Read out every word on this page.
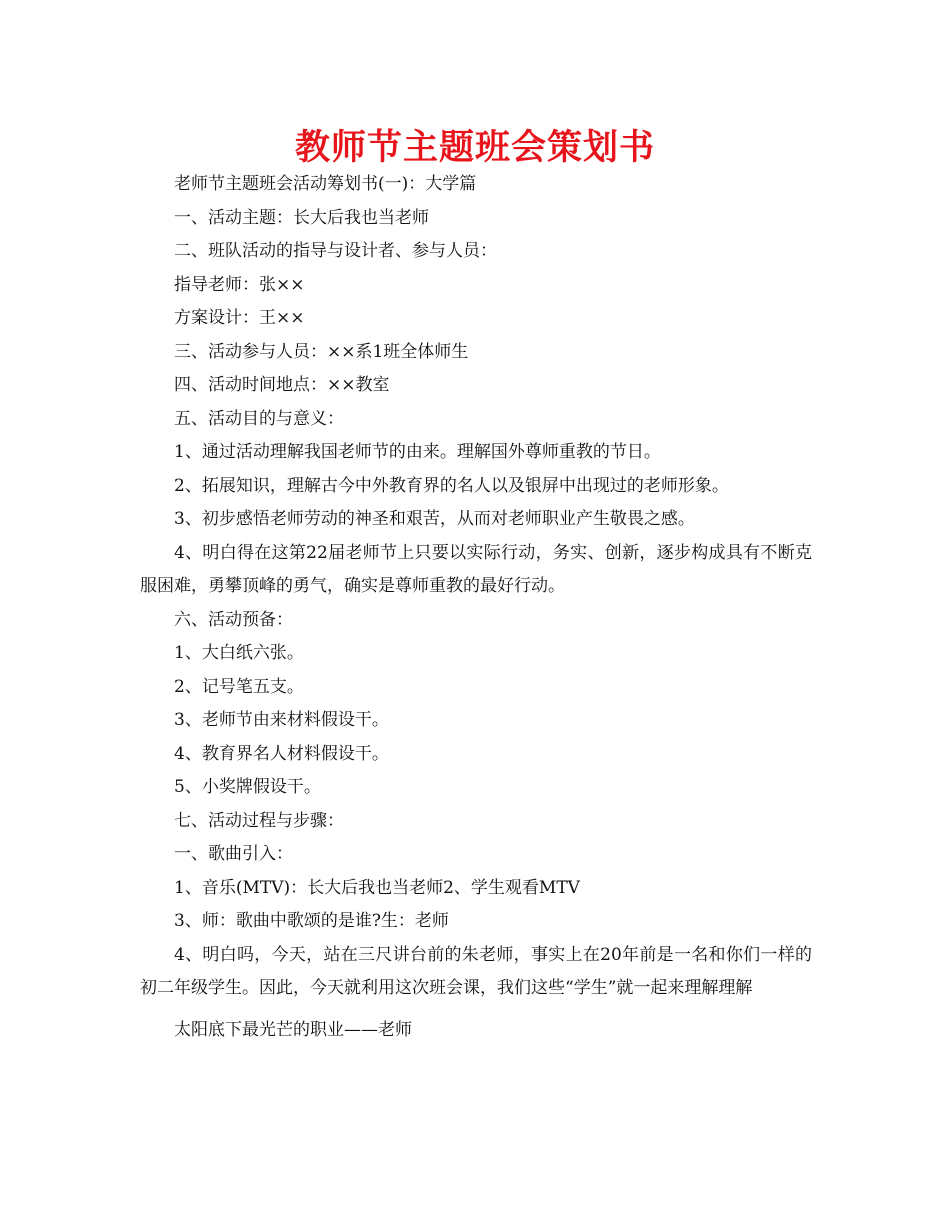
教师节主题班会策划书

老师节主题班会活动筹划书(一)：大学篇

一、活动主题：长大后我也当老师

二、班队活动的指导与设计者、参与人员：

指导老师：张××

方案设计：王××

三、活动参与人员：××系1班全体师生

四、活动时间地点：××教室

五、活动目的与意义：

1、通过活动理解我国老师节的由来。理解国外尊师重教的节日。

2、拓展知识，理解古今中外教育界的名人以及银屏中出现过的老师形象。

3、初步感悟老师劳动的神圣和艰苦，从而对老师职业产生敬畏之感。

4、明白得在这第22届老师节上只要以实际行动，务实、创新，逐步构成具有不断克服困难，勇攀顶峰的勇气，确实是尊师重教的最好行动。

六、活动预备：

1、大白纸六张。

2、记号笔五支。

3、老师节由来材料假设干。

4、教育界名人材料假设干。

5、小奖牌假设干。

七、活动过程与步骤：

一、歌曲引入：

1、音乐(MTV)：长大后我也当老师2、学生观看MTV

3、师：歌曲中歌颂的是谁?生：老师

4、明白吗，今天，站在三尺讲台前的朱老师，事实上在20年前是一名和你们一样的初二年级学生。因此，今天就利用这次班会课，我们这些“学生”就一起来理解理解

太阳底下最光芒的职业——老师
